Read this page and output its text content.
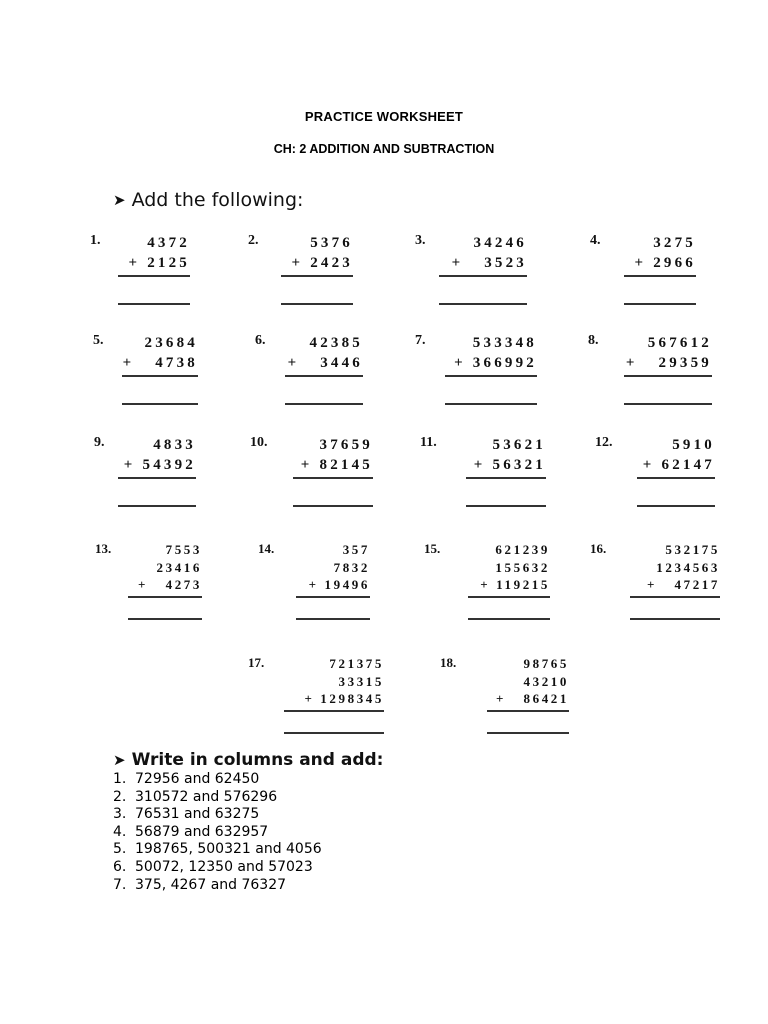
PRACTICE WORKSHEET
CH: 2 ADDITION AND SUBTRACTION
➤ Add the following:
1.	4372
+ 2125
2.	5376
+ 2423
3.	34246
+   3523
4.	3275
+ 2966
5.	23684
+   4738
6.	42385
+   3446
7.	533348
+ 366992
8.	567612
+   29359
9.	4833
+ 54392
10.	37659
+ 82145
11.	53621
+ 56321
12.	5910
+ 62147
13.	7553
23416
+   4273
14.	357
7832
+ 19496
15.	621239
155632
+ 119215
16.	532175
1234563
+   47217
17.	721375
33315
+ 1298345
18.	98765
43210
+   86421
➤ Write in columns and add:
1. 72956 and 62450
2. 310572 and 576296
3. 76531 and 63275
4. 56879 and 632957
5. 198765, 500321 and 4056
6. 50072, 12350 and 57023
7. 375, 4267 and 76327
